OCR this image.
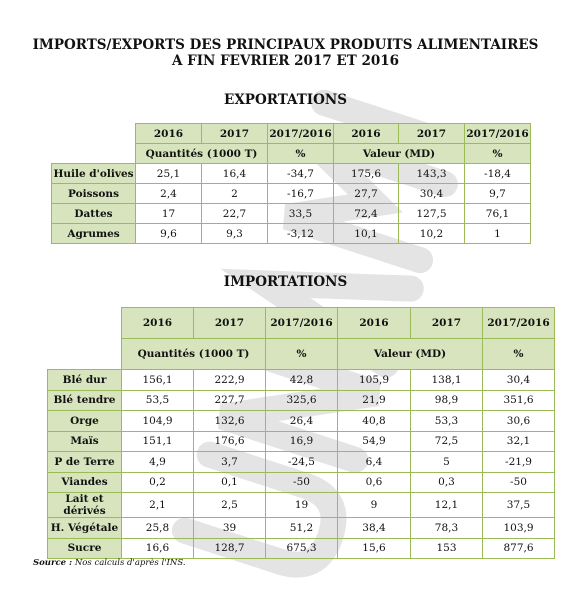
IMPORTS/EXPORTS DES PRINCIPAUX PRODUITS ALIMENTAIRES
A FIN FEVRIER 2017 ET 2016
EXPORTATIONS
	2016	2017	2017/2016	2016	2017	2017/2016
	Quantités (1000 T)		%	Valeur (MD)		%
Huile d'olives	25,1	16,4	-34,7	175,6	143,3	-18,4
Poissons	2,4	2	-16,7	27,7	30,4	9,7
Dattes	17	22,7	33,5	72,4	127,5	76,1
Agrumes	9,6	9,3	-3,12	10,1	10,2	1
IMPORTATIONS
	2016	2017	2017/2016	2016	2017	2017/2016
	Quantités (1000 T)		%	Valeur (MD)		%
Blé dur	156,1	222,9	42,8	105,9	138,1	30,4
Blé tendre	53,5	227,7	325,6	21,9	98,9	351,6
Orge	104,9	132,6	26,4	40,8	53,3	30,6
Maïs	151,1	176,6	16,9	54,9	72,5	32,1
P de Terre	4,9	3,7	-24,5	6,4	5	-21,9
Viandes	0,2	0,1	-50	0,6	0,3	-50
Lait et dérivés	2,1	2,5	19	9	12,1	37,5
H. Végétale	25,8	39	51,2	38,4	78,3	103,9
Sucre	16,6	128,7	675,3	15,6	153	877,6
Source : Nos calculs d'après l'INS.
